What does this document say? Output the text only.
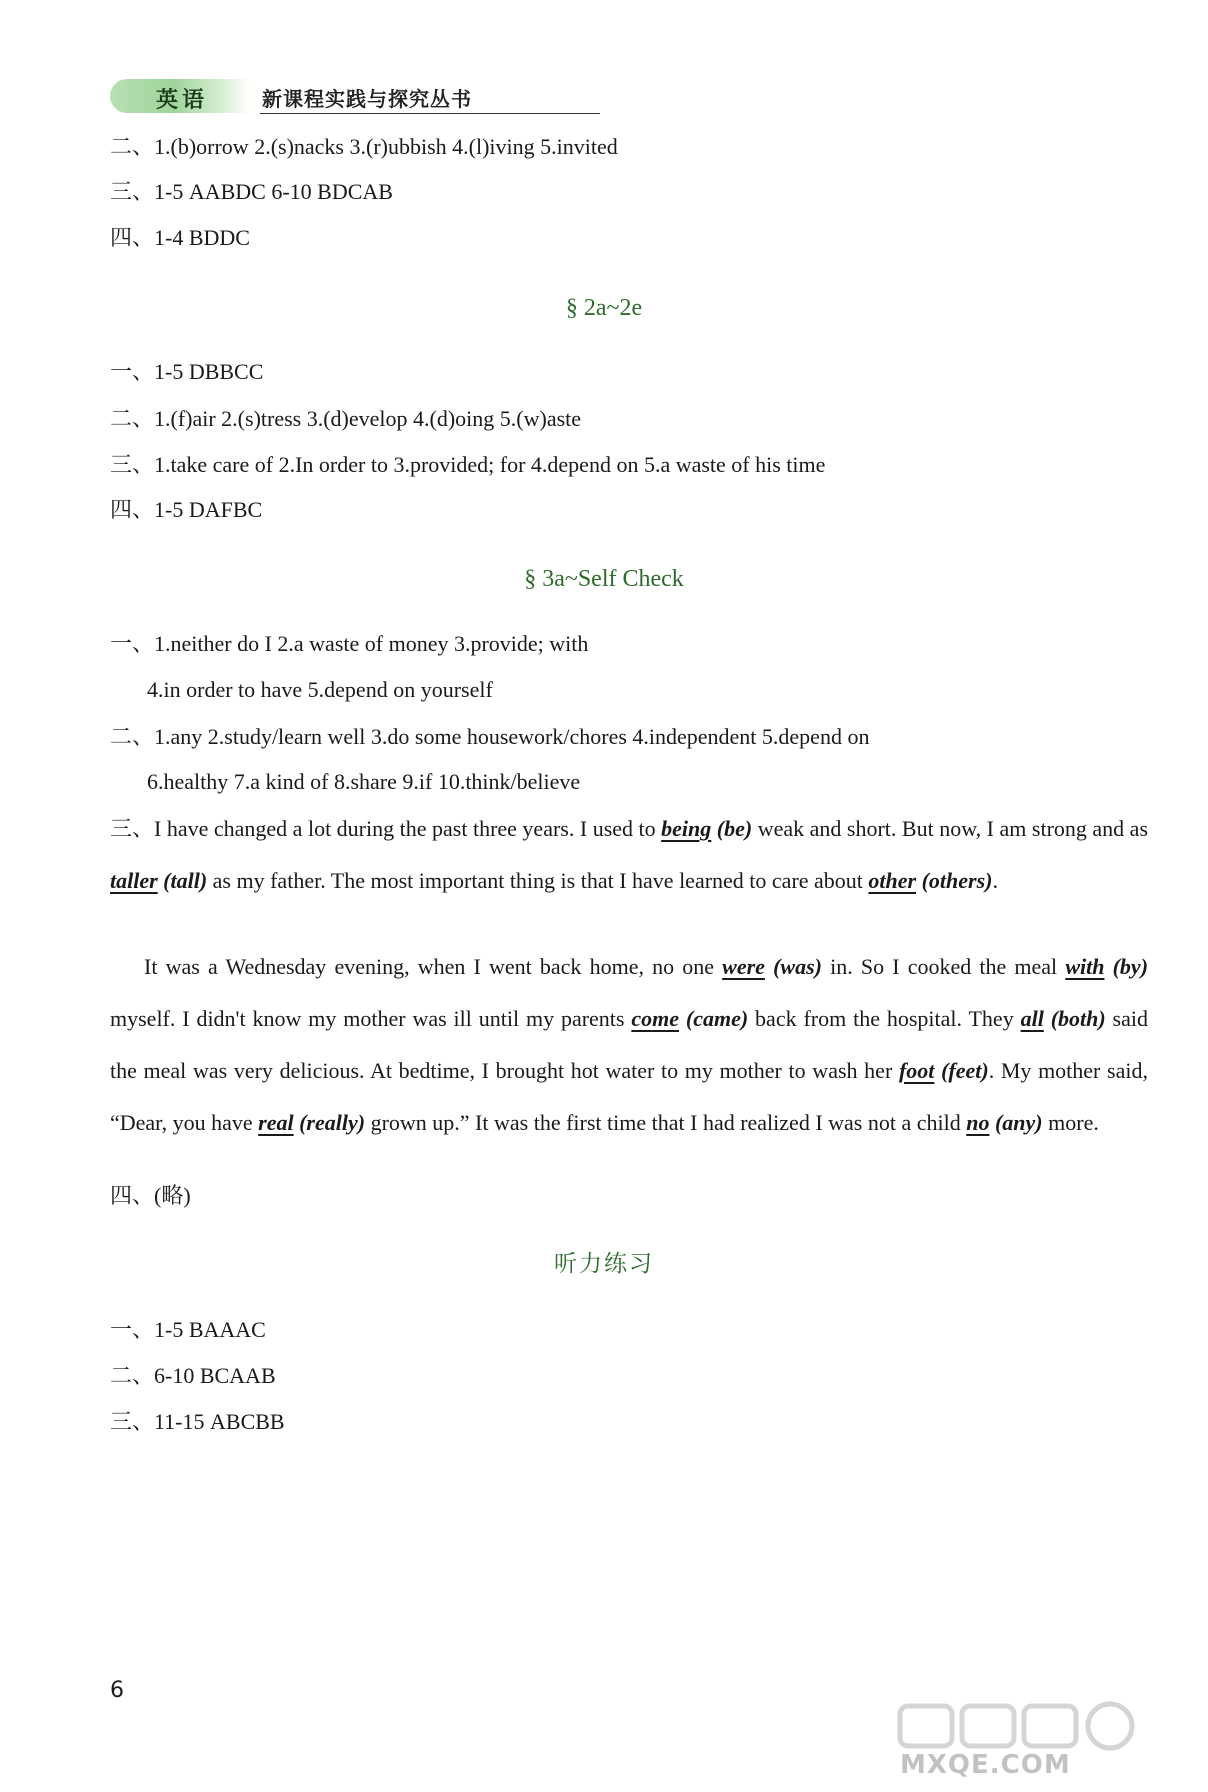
英语	新课程实践与探究丛书
二、1.(b)orrow 2.(s)nacks 3.(r)ubbish 4.(l)iving 5.invited
三、1-5 AABDC 6-10 BDCAB
四、1-4 BDDC
§ 2a~2e
一、1-5 DBBCC
二、1.(f)air 2.(s)tress 3.(d)evelop 4.(d)oing 5.(w)aste
三、1.take care of 2.In order to 3.provided; for 4.depend on 5.a waste of his time
四、1-5 DAFBC
§ 3a~Self Check
一、1.neither do I 2.a waste of money 3.provide; with
4.in order to have 5.depend on yourself
二、1.any 2.study/learn well 3.do some housework/chores 4.independent 5.depend on
6.healthy 7.a kind of 8.share 9.if 10.think/believe
三、I have changed a lot during the past three years. I used to being (be) weak and short. But now, I am strong and as taller (tall) as my father. The most important thing is that I have learned to care about other (others).
It was a Wednesday evening, when I went back home, no one were (was) in. So I cooked the meal with (by) myself. I didn't know my mother was ill until my parents come (came) back from the hospital. They all (both) said the meal was very delicious. At bedtime, I brought hot water to my mother to wash her foot (feet). My mother said, “Dear, you have real (really) grown up.” It was the first time that I had realized I was not a child no (any) more.
四、(略)
听力练习
一、1-5 BAAAC
二、6-10 BCAAB
三、11-15 ABCBB
6
MXQE.COM
